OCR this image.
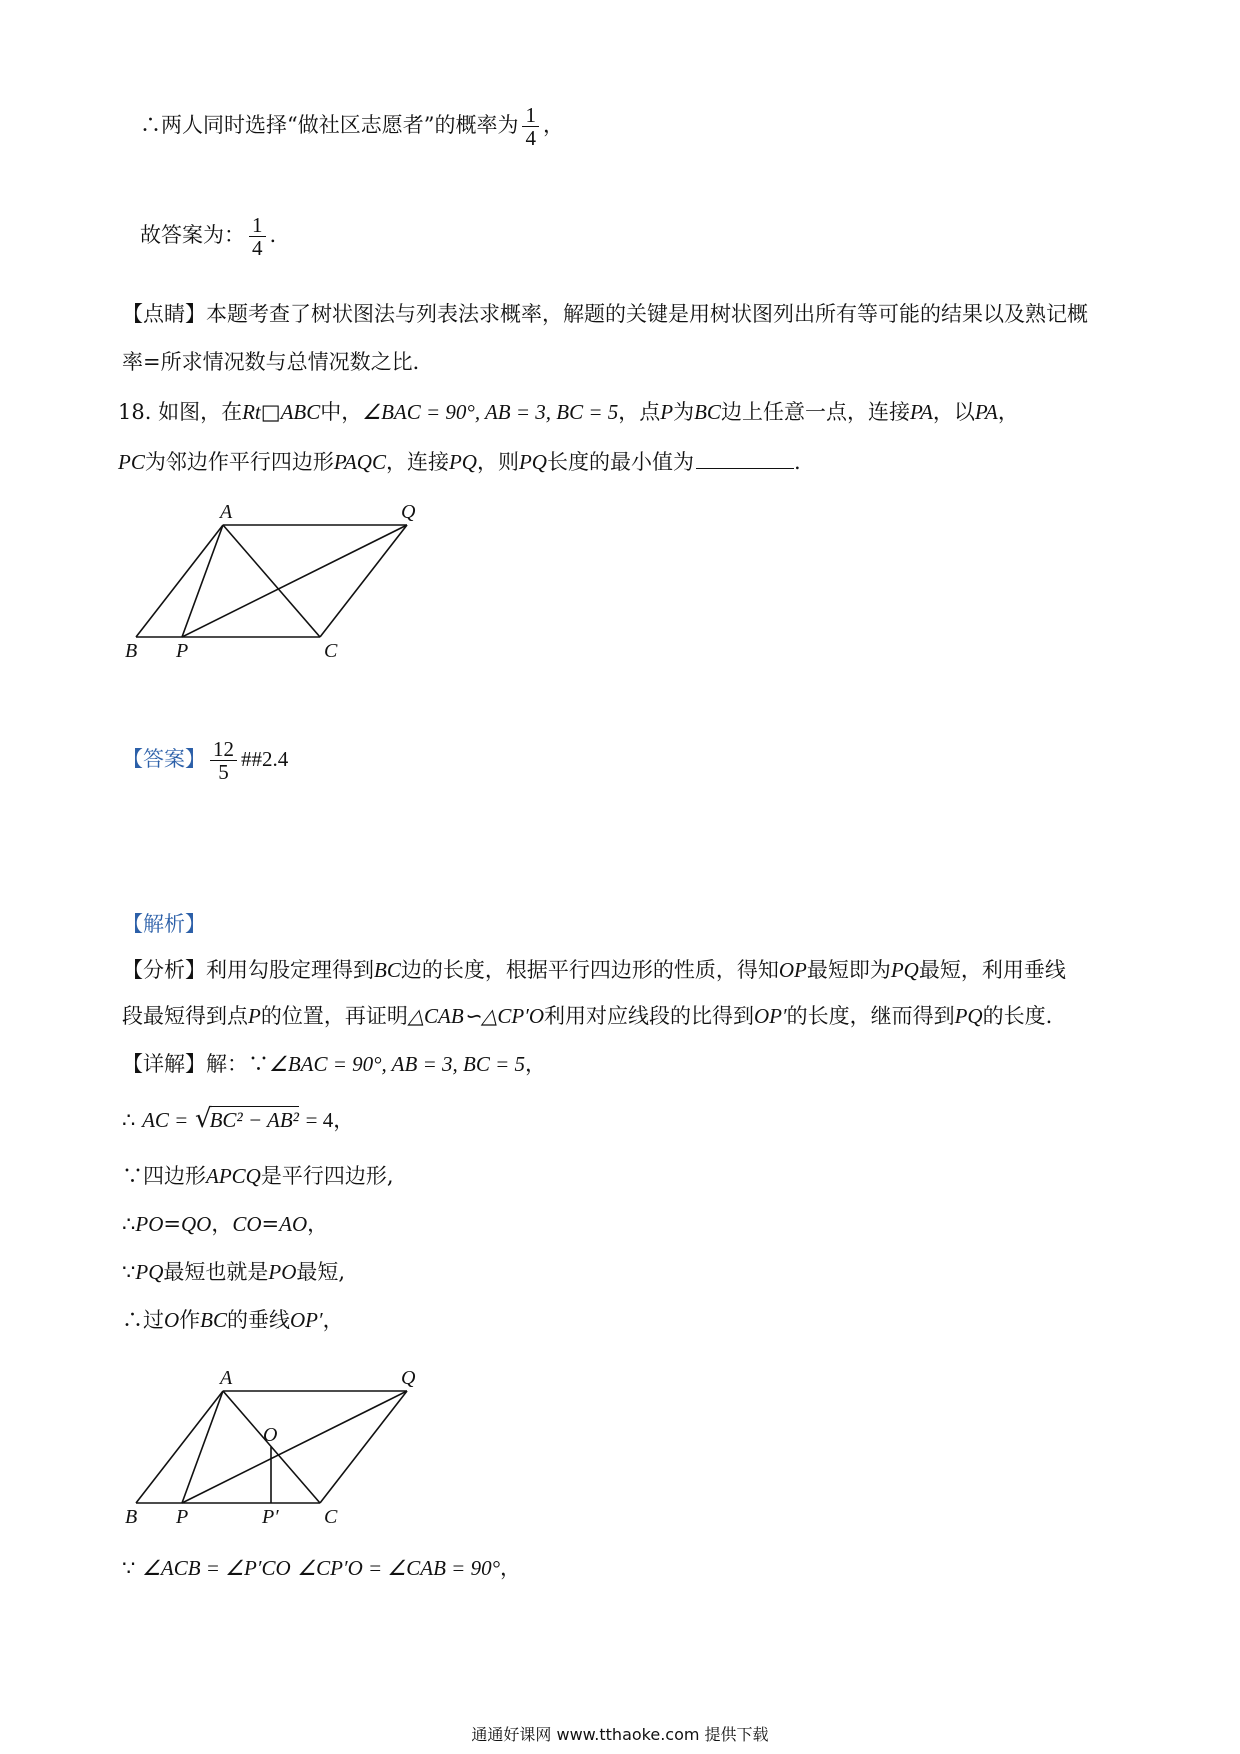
∴两人同时选择“做社区志愿者”的概率为 $\frac{1}{4}$ ，
故答案为： $\frac{1}{4}$ .
【点睛】本题考查了树状图法与列表法求概率，解题的关键是用树状图列出所有等可能的结果以及熟记概
率=所求情况数与总情况数之比．
18. 如图，在Rt□ABC中，∠BAC = 90°, AB = 3, BC = 5，点P为BC边上任意一点，连接PA，以PA，
PC为邻边作平行四边形PAQC，连接PQ，则PQ长度的最小值为	.
A	Q
B P	C
【答案】 $\frac{12}{5}$ ##2.4
【解析】
【分析】利用勾股定理得到BC边的长度，根据平行四边形的性质，得知OP最短即为PQ最短，利用垂线
段最短得到点P的位置，再证明△CAB∽△CP′O利用对应线段的比得到OP′的长度，继而得到PQ的长度.
【详解】解：∵∠BAC = 90°, AB = 3, BC = 5，
∴ AC = √BC² − AB² = 4，
∵四边形APCQ是平行四边形,
∴PO=QO，CO=AO，
∵PQ最短也就是PO最短,
∴过O作BC的垂线OP′，
A	Q
O
B P	P′ C
∵ ∠ACB = ∠P′CO ∠CP′O = ∠CAB = 90°，
通通好课网 www.tthaoke.com 提供下载
